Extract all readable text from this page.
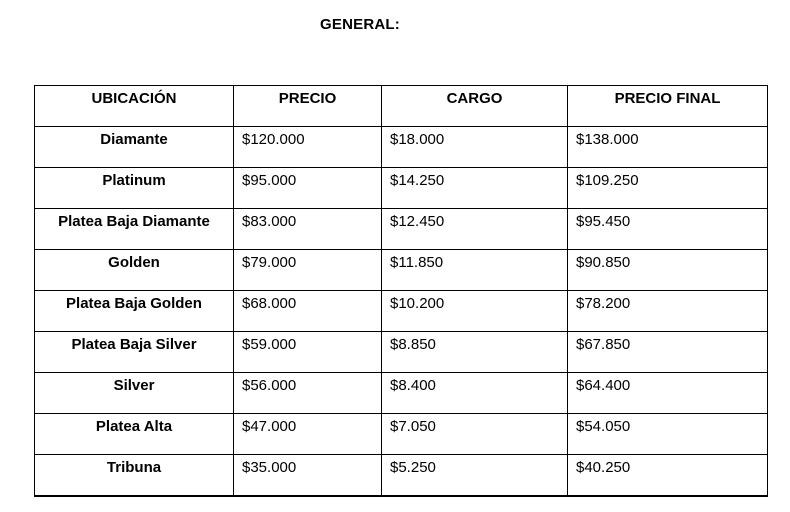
GENERAL:
UBICACIÓN	PRECIO	CARGO	PRECIO FINAL
Diamante	$120.000	$18.000	$138.000
Platinum	$95.000	$14.250	$109.250
Platea Baja Diamante	$83.000	$12.450	$95.450
Golden	$79.000	$11.850	$90.850
Platea Baja Golden	$68.000	$10.200	$78.200
Platea Baja Silver	$59.000	$8.850	$67.850
Silver	$56.000	$8.400	$64.400
Platea Alta	$47.000	$7.050	$54.050
Tribuna	$35.000	$5.250	$40.250
